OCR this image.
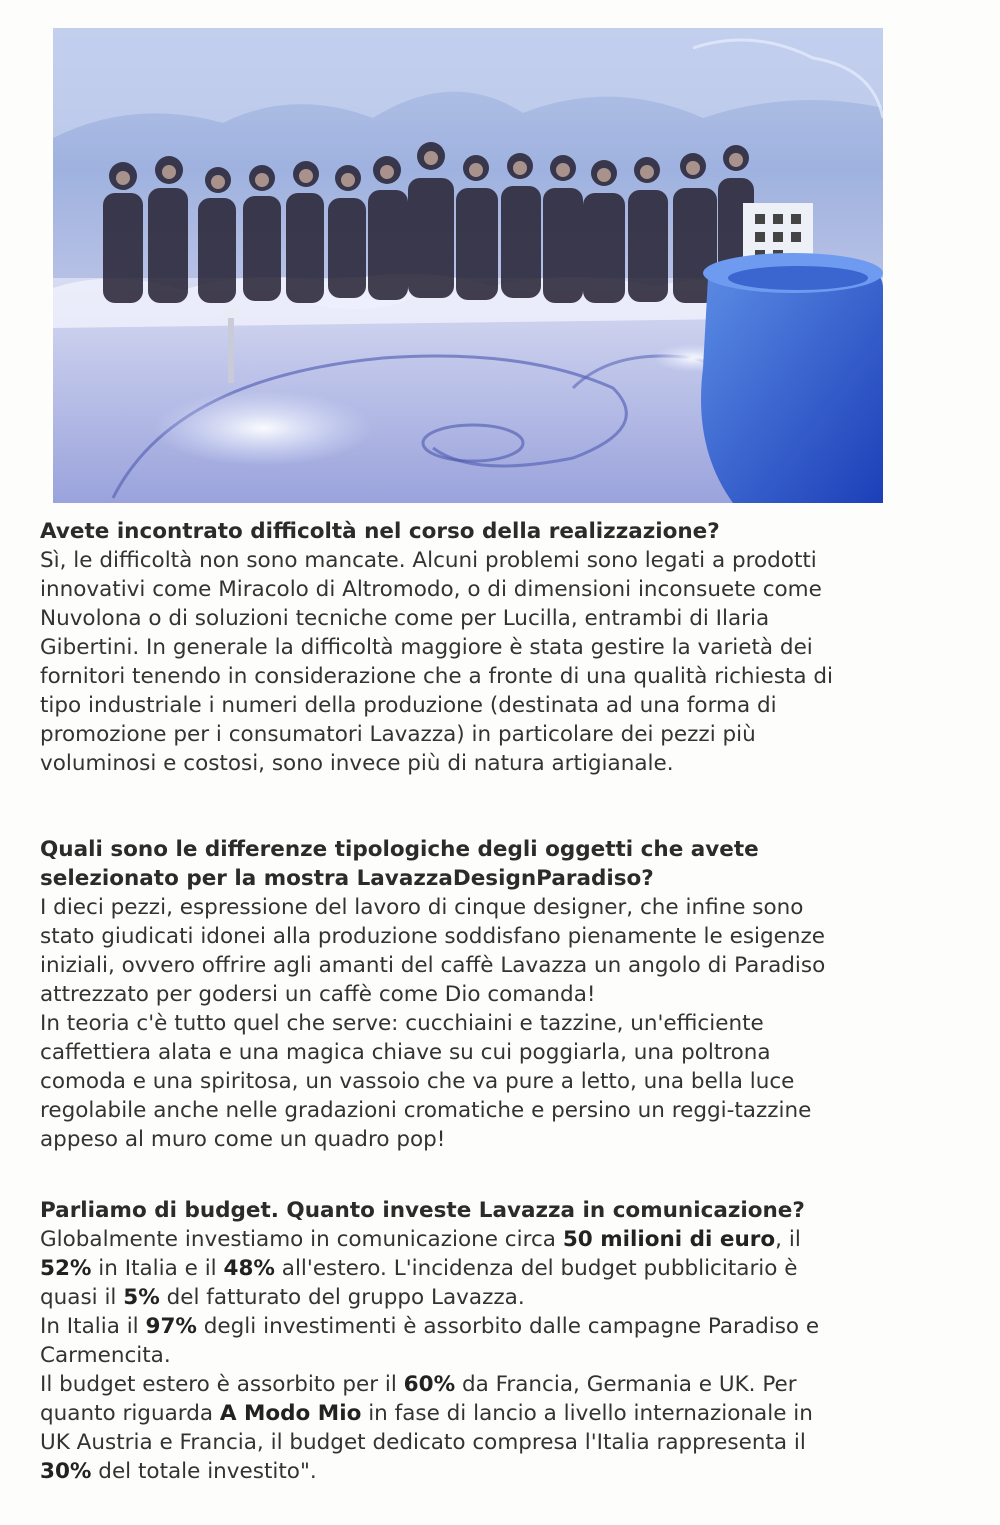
Avete incontrato difficoltà nel corso della realizzazione?

Sì, le difficoltà non sono mancate. Alcuni problemi sono legati a prodotti

innovativi come Miracolo di Altromodo, o di dimensioni inconsuete come

Nuvolona o di soluzioni tecniche come per Lucilla, entrambi di Ilaria

Gibertini. In generale la difficoltà maggiore è stata gestire la varietà dei

fornitori tenendo in considerazione che a fronte di una qualità richiesta di

tipo industriale i numeri della produzione (destinata ad una forma di

promozione per i consumatori Lavazza) in particolare dei pezzi più

voluminosi e costosi, sono invece più di natura artigianale.

Quali sono le differenze tipologiche degli oggetti che avete

selezionato per la mostra LavazzaDesignParadiso?

I dieci pezzi, espressione del lavoro di cinque designer, che infine sono

stato giudicati idonei alla produzione soddisfano pienamente le esigenze

iniziali, ovvero offrire agli amanti del caffè Lavazza un angolo di Paradiso

attrezzato per godersi un caffè come Dio comanda!

In teoria c'è tutto quel che serve: cucchiaini e tazzine, un'efficiente

caffettiera alata e una magica chiave su cui poggiarla, una poltrona

comoda e una spiritosa, un vassoio che va pure a letto, una bella luce

regolabile anche nelle gradazioni cromatiche e persino un reggi-tazzine

appeso al muro come un quadro pop!

Parliamo di budget. Quanto investe Lavazza in comunicazione?

Globalmente investiamo in comunicazione circa 50 milioni di euro, il

52% in Italia e il 48% all'estero. L'incidenza del budget pubblicitario è

quasi il 5% del fatturato del gruppo Lavazza.

In Italia il 97% degli investimenti è assorbito dalle campagne Paradiso e

Carmencita.

Il budget estero è assorbito per il 60% da Francia, Germania e UK. Per

quanto riguarda A Modo Mio in fase di lancio a livello internazionale in

UK Austria e Francia, il budget dedicato compresa l'Italia rappresenta il

30% del totale investito".
